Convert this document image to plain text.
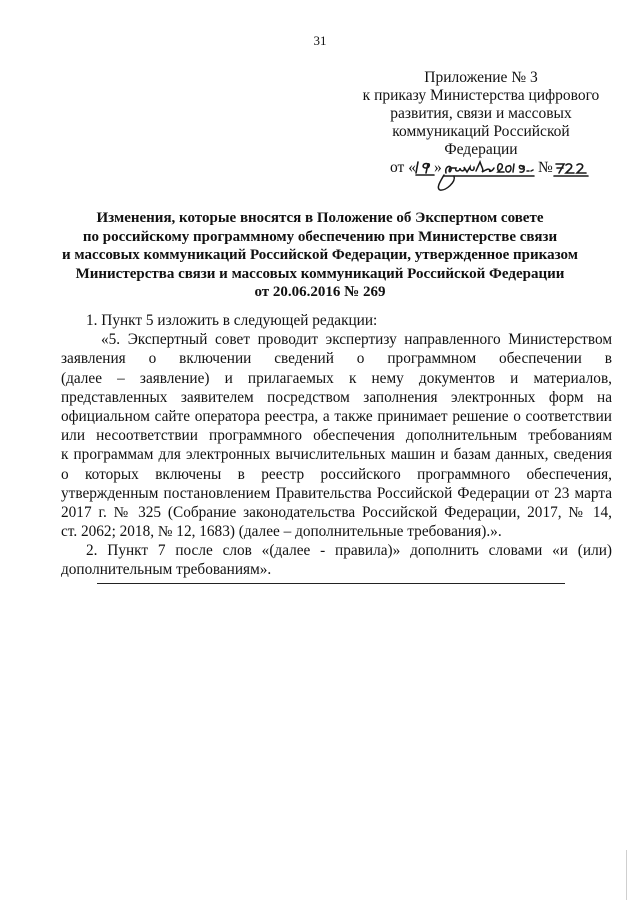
31
Приложение № 3
к приказу Министерства цифрового
развития, связи и массовых
коммуникаций Российской
Федерации
от « »	№
Изменения, которые вносятся в Положение об Экспертном совете
по российскому программному обеспечению при Министерстве связи
и массовых коммуникаций Российской Федерации, утвержденное приказом
Министерства связи и массовых коммуникаций Российской Федерации
от 20.06.2016 № 269
1. Пункт 5 изложить в следующей редакции:
«5. Экспертный совет проводит экспертизу направленного Министерством
заявления о включении сведений о программном обеспечении в
(далее – заявление) и прилагаемых к нему документов и материалов,
представленных заявителем посредством заполнения электронных форм на
официальном сайте оператора реестра, а также принимает решение о соответствии
или несоответствии программного обеспечения дополнительным требованиям
к программам для электронных вычислительных машин и базам данных, сведения
о которых включены в реестр российского программного обеспечения,
утвержденным постановлением Правительства Российской Федерации от 23 марта
2017 г. № 325 (Собрание законодательства Российской Федерации, 2017, № 14,
ст. 2062; 2018, № 12, 1683) (далее – дополнительные требования).».
2. Пункт 7 после слов «(далее - правила)» дополнить словами «и (или)
дополнительным требованиям».
